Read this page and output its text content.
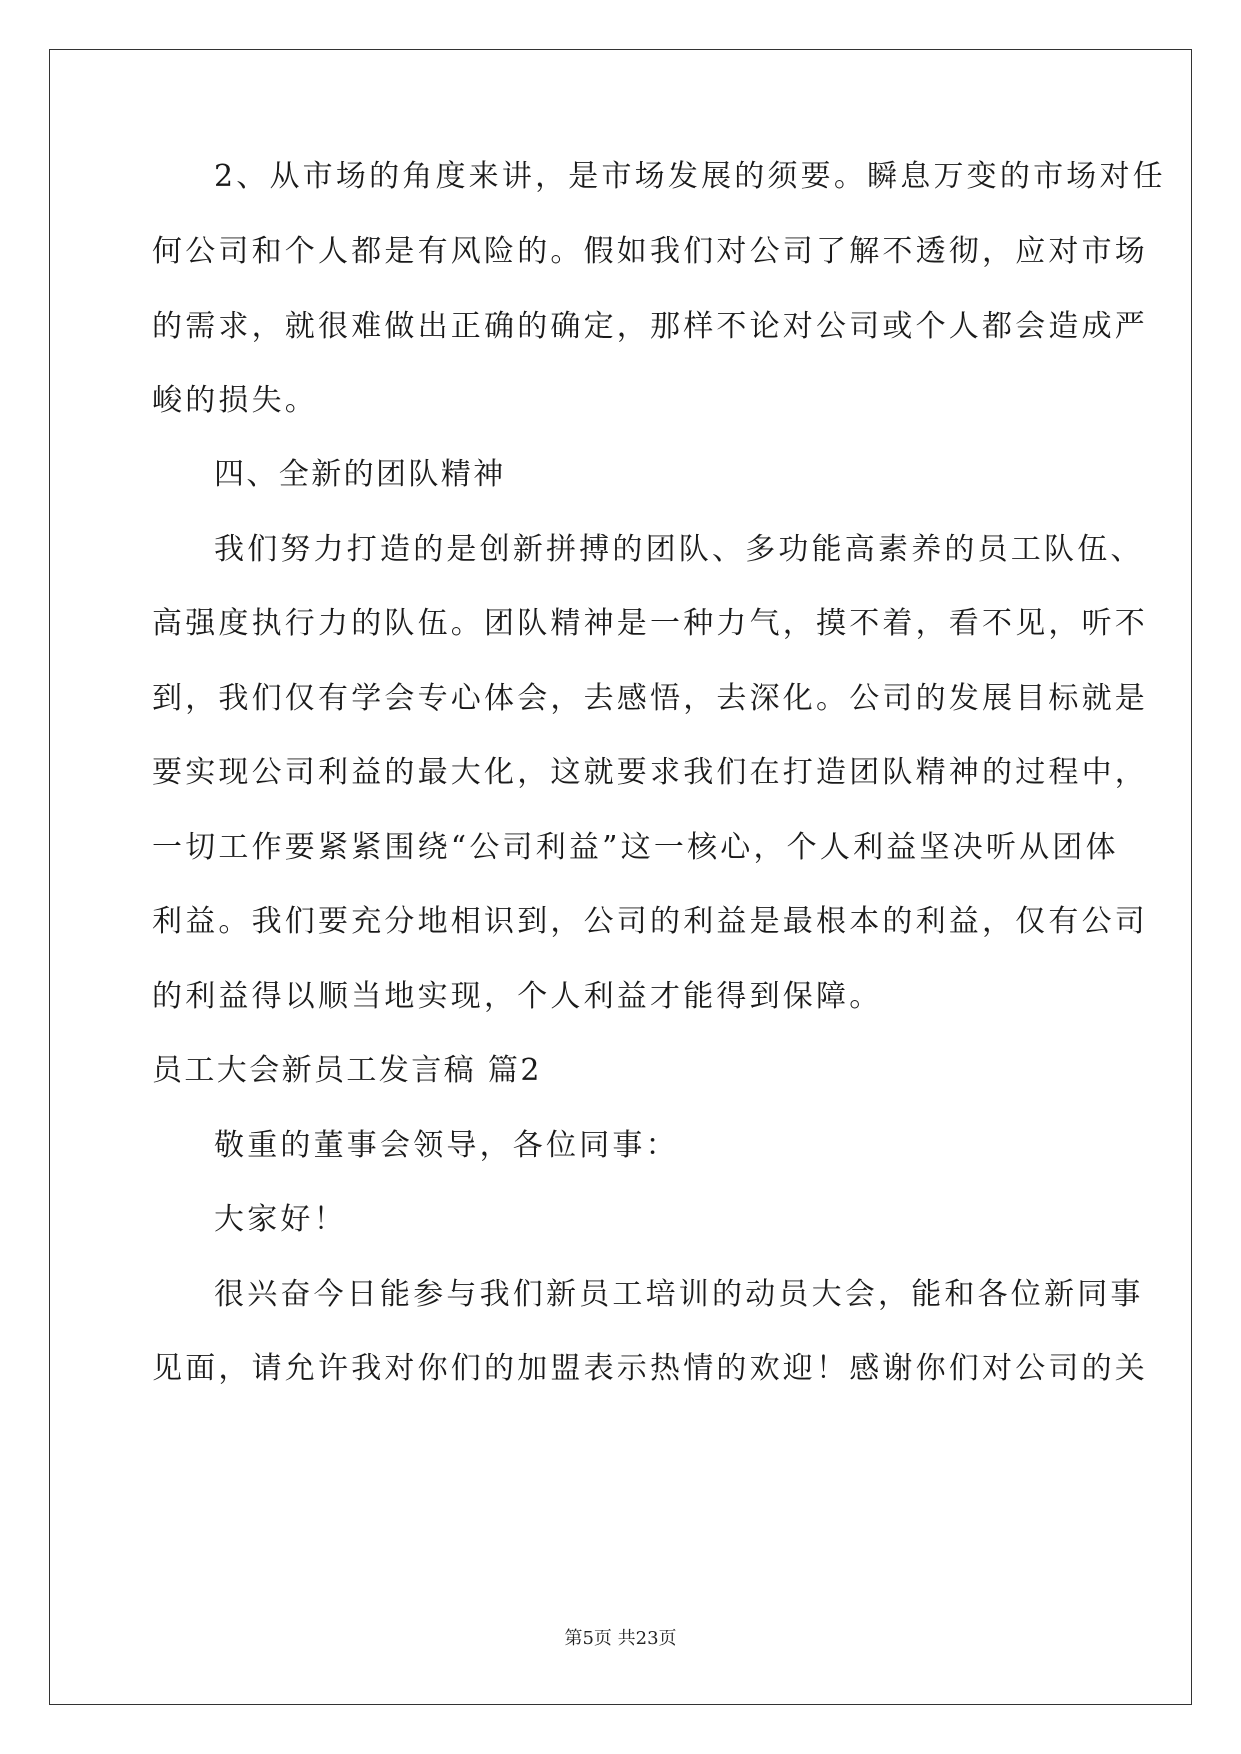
2、从市场的角度来讲，是市场发展的须要。瞬息万变的市场对任
何公司和个人都是有风险的。假如我们对公司了解不透彻，应对市场
的需求，就很难做出正确的确定，那样不论对公司或个人都会造成严
峻的损失。
四、全新的团队精神
我们努力打造的是创新拼搏的团队、多功能高素养的员工队伍、
高强度执行力的队伍。团队精神是一种力气，摸不着，看不见，听不
到，我们仅有学会专心体会，去感悟，去深化。公司的发展目标就是
要实现公司利益的最大化，这就要求我们在打造团队精神的过程中，
一切工作要紧紧围绕“公司利益”这一核心，个人利益坚决听从团体
利益。我们要充分地相识到，公司的利益是最根本的利益，仅有公司
的利益得以顺当地实现，个人利益才能得到保障。
员工大会新员工发言稿 篇2
敬重的董事会领导，各位同事：
大家好！
很兴奋今日能参与我们新员工培训的动员大会，能和各位新同事
见面，请允许我对你们的加盟表示热情的欢迎！感谢你们对公司的关
第5页 共23页
